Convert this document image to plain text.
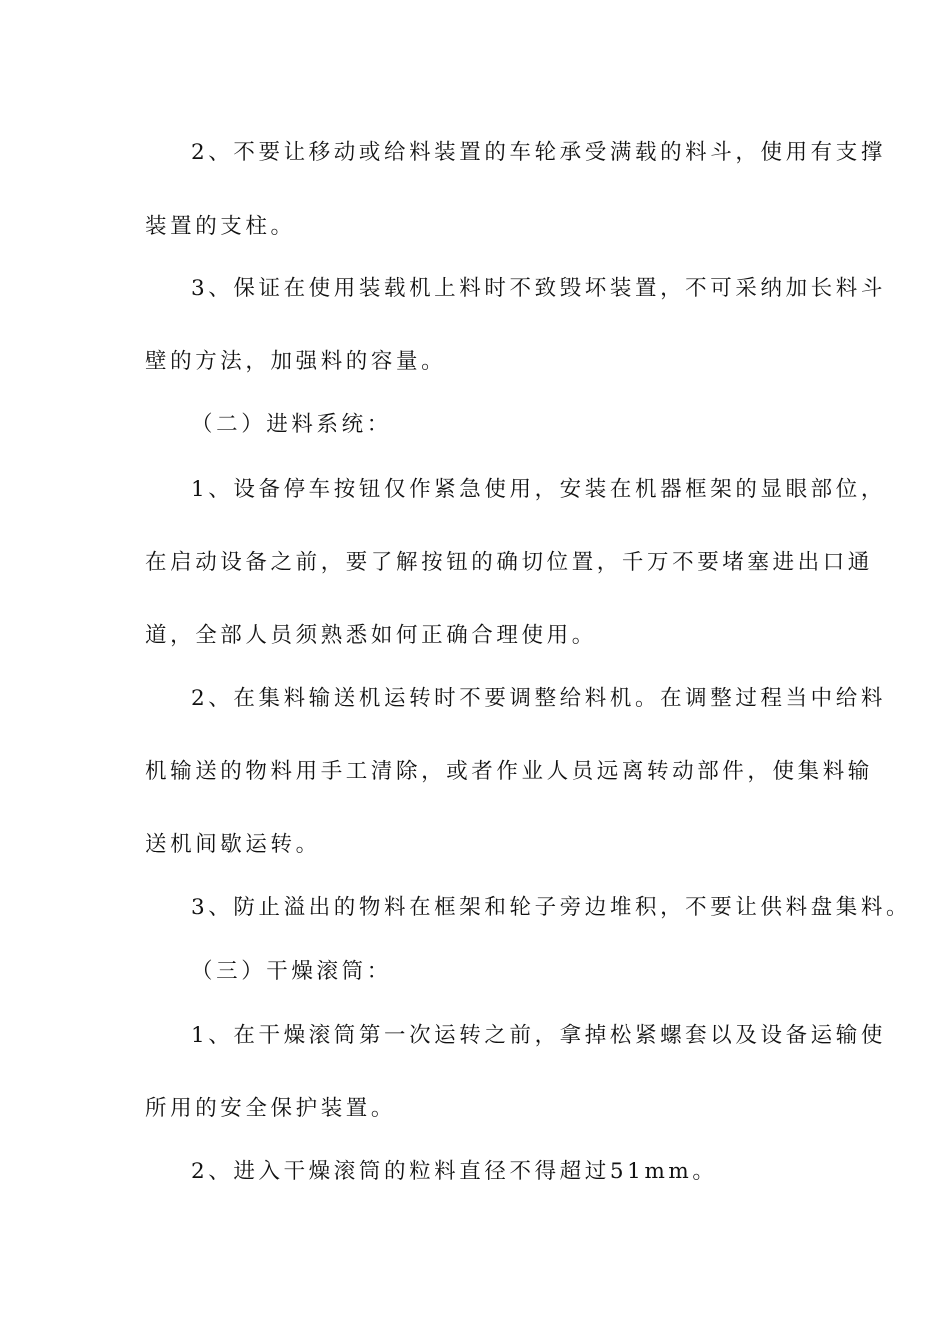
2、不要让移动或给料装置的车轮承受满载的料斗，使用有支撑
装置的支柱。
3、保证在使用装载机上料时不致毁坏装置，不可采纳加长料斗
壁的方法，加强料的容量。
（二）进料系统：
1、设备停车按钮仅作紧急使用，安装在机器框架的显眼部位，
在启动设备之前，要了解按钮的确切位置，千万不要堵塞进出口通
道，全部人员须熟悉如何正确合理使用。
2、在集料输送机运转时不要调整给料机。在调整过程当中给料
机输送的物料用手工清除，或者作业人员远离转动部件，使集料输
送机间歇运转。
3、防止溢出的物料在框架和轮子旁边堆积，不要让供料盘集料。
（三）干燥滚筒：
1、在干燥滚筒第一次运转之前，拿掉松紧螺套以及设备运输使
所用的安全保护装置。
2、进入干燥滚筒的粒料直径不得超过51mm。
